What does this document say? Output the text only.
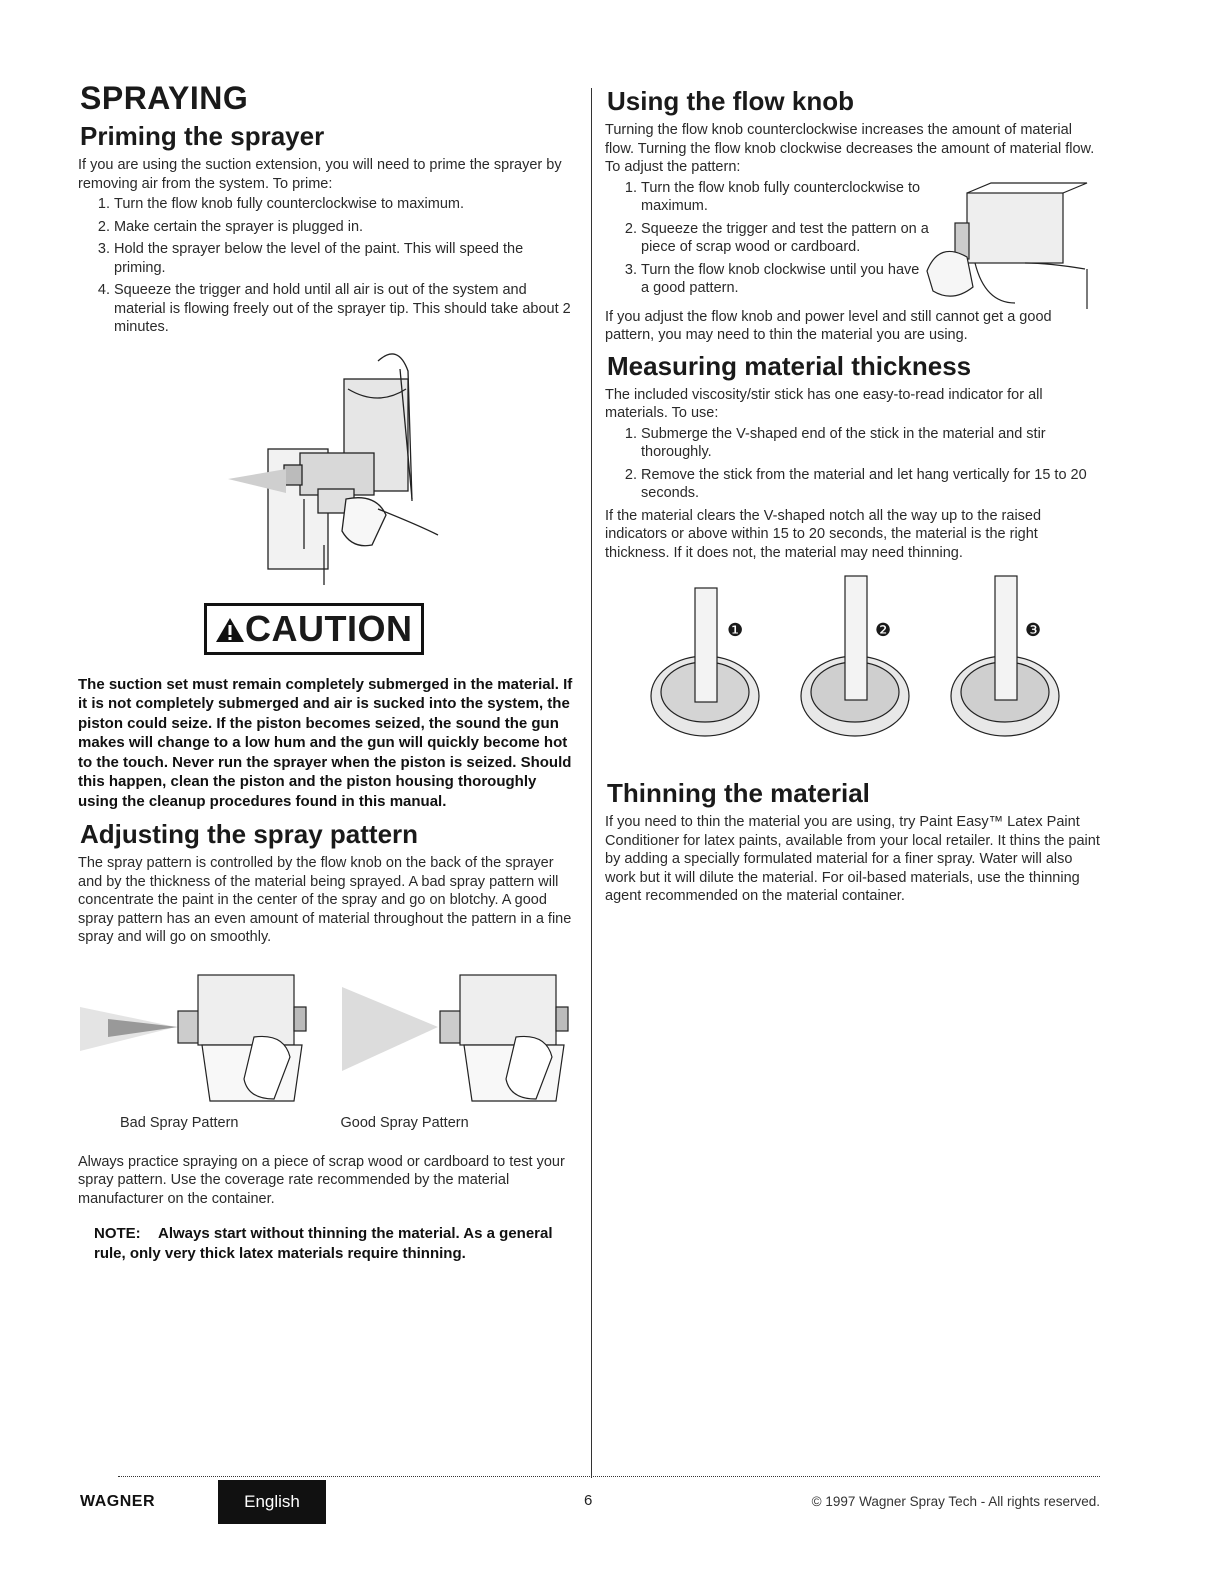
SPRAYING
Priming the sprayer

If you are using the suction extension, you will need to prime the sprayer by removing air from the system. To prime:

1. Turn the flow knob fully counterclockwise to maximum.
2. Make certain the sprayer is plugged in.
3. Hold the sprayer below the level of the paint. This will speed the priming.
4. Squeeze the trigger and hold until all air is out of the system and material is flowing freely out of the sprayer tip. This should take about 2 minutes.
CAUTION

The suction set must remain completely submerged in the material. If it is not completely submerged and air is sucked into the system, the piston could seize. If the piston becomes seized, the sound the gun makes will change to a low hum and the gun will quickly become hot to the touch. Never run the sprayer when the piston is seized. Should this happen, clean the piston and the piston housing thoroughly using the cleanup procedures found in this manual.

Adjusting the spray pattern

The spray pattern is controlled by the flow knob on the back of the sprayer and by the thickness of the material being sprayed. A bad spray pattern will concentrate the paint in the center of the spray and go on blotchy. A good spray pattern has an even amount of material throughout the pattern in a fine spray and will go on smoothly.

Bad Spray Pattern	Good Spray Pattern

Always practice spraying on a piece of scrap wood or cardboard to test your spray pattern. Use the coverage rate recommended by the material manufacturer on the container.

NOTE: Always start without thinning the material. As a general rule, only very thick latex materials require thinning.
Using the flow knob

Turning the flow knob counterclockwise increases the amount of material flow. Turning the flow knob clockwise decreases the amount of material flow. To adjust the pattern:

1. Turn the flow knob fully counterclockwise to maximum.
2. Squeeze the trigger and test the pattern on a piece of scrap wood or cardboard.
3. Turn the flow knob clockwise until you have a good pattern.

If you adjust the flow knob and power level and still cannot get a good pattern, you may need to thin the material you are using.

Measuring material thickness

The included viscosity/stir stick has one easy-to-read indicator for all materials. To use:

1. Submerge the V-shaped end of the stick in the material and stir thoroughly.
2. Remove the stick from the material and let hang vertically for 15 to 20 seconds.

If the material clears the V-shaped notch all the way up to the raised indicators or above within 15 to 20 seconds, the material is the right thickness. If it does not, the material may need thinning.

❶	❷	❸
Thinning the material

If you need to thin the material you are using, try Paint Easy™ Latex Paint Conditioner for latex paints, available from your local retailer. It thins the paint by adding a specially formulated material for a finer spray. Water will also work but it will dilute the material. For oil-based materials, use the thinning agent recommended on the material container.

WAGNER	English	6	© 1997 Wagner Spray Tech - All rights reserved.
